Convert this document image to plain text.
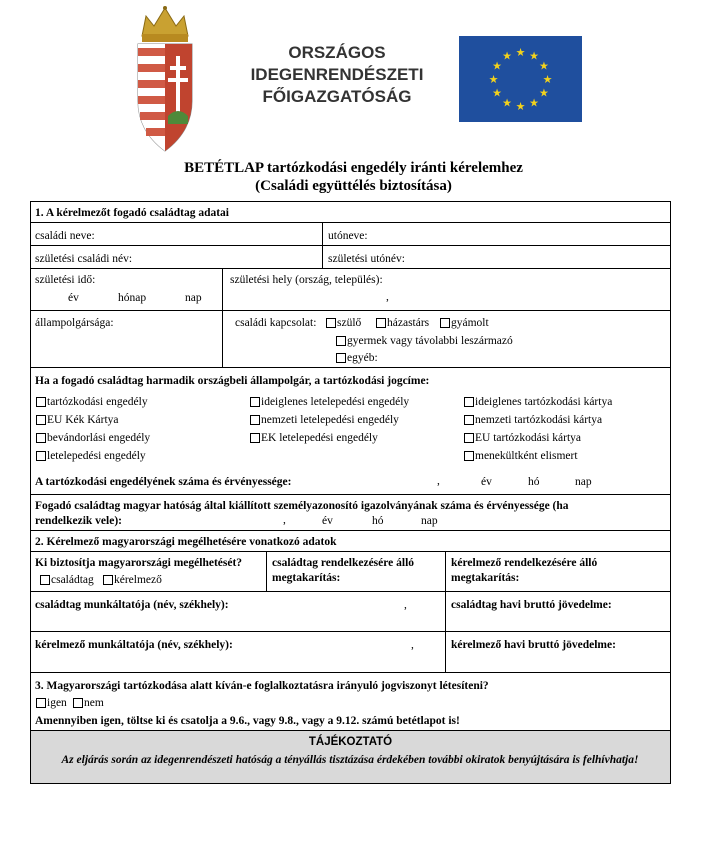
ORSZÁGOS
IDEGENRENDÉSZETI
FŐIGAZGATÓSÁG
★ ★
★
★
★
★
★
★
★
★
★
★
BETÉTLAP tartózkodási engedély iránti kérelemhez
(Családi együttélés biztosítása)
1. A kérelmezőt fogadó családtag adatai
családi neve:	utóneve:
születési családi név:	születési utónév:
születési idő:
év	hónap	nap
születési hely (ország, település):
,
állampolgársága:	családi kapcsolat:	szülő	házastárs	gyámolt
gyermek vagy távolabbi leszármazó
egyéb:
Ha a fogadó családtag harmadik országbeli állampolgár, a tartózkodási jogcíme:
tartózkodási engedély
EU Kék Kártya
bevándorlási engedély
letelepedési engedély
ideiglenes letelepedési engedély
nemzeti letelepedési engedély
EK letelepedési engedély
ideiglenes tartózkodási kártya
nemzeti tartózkodási kártya
EU tartózkodási kártya
menekültként elismert
A tartózkodási engedélyének száma és érvényessége:	,	év	hó	nap
Fogadó családtag magyar hatóság által kiállított személyazonosító igazolványának száma és érvényessége (ha
rendelkezik vele):	,	év	hó	nap
2. Kérelmező magyarországi megélhetésére vonatkozó adatok
Ki biztosítja magyarországi megélhetését?
családtag	kérelmező
családtag rendelkezésére álló
megtakarítás:
kérelmező rendelkezésére álló
megtakarítás:
családtag munkáltatója (név, székhely):	,	családtag havi bruttó jövedelme:
kérelmező munkáltatója (név, székhely):	,	kérelmező havi bruttó jövedelme:
3. Magyarországi tartózkodása alatt kíván-e foglalkoztatásra irányuló jogviszonyt létesíteni?
igen	nem
Amennyiben igen, töltse ki és csatolja a 9.6., vagy 9.8., vagy a 9.12. számú betétlapot is!
TÁJÉKOZTATÓ
Az eljárás során az idegenrendészeti hatóság a tényállás tisztázása érdekében további okiratok benyújtására is felhívhatja!
